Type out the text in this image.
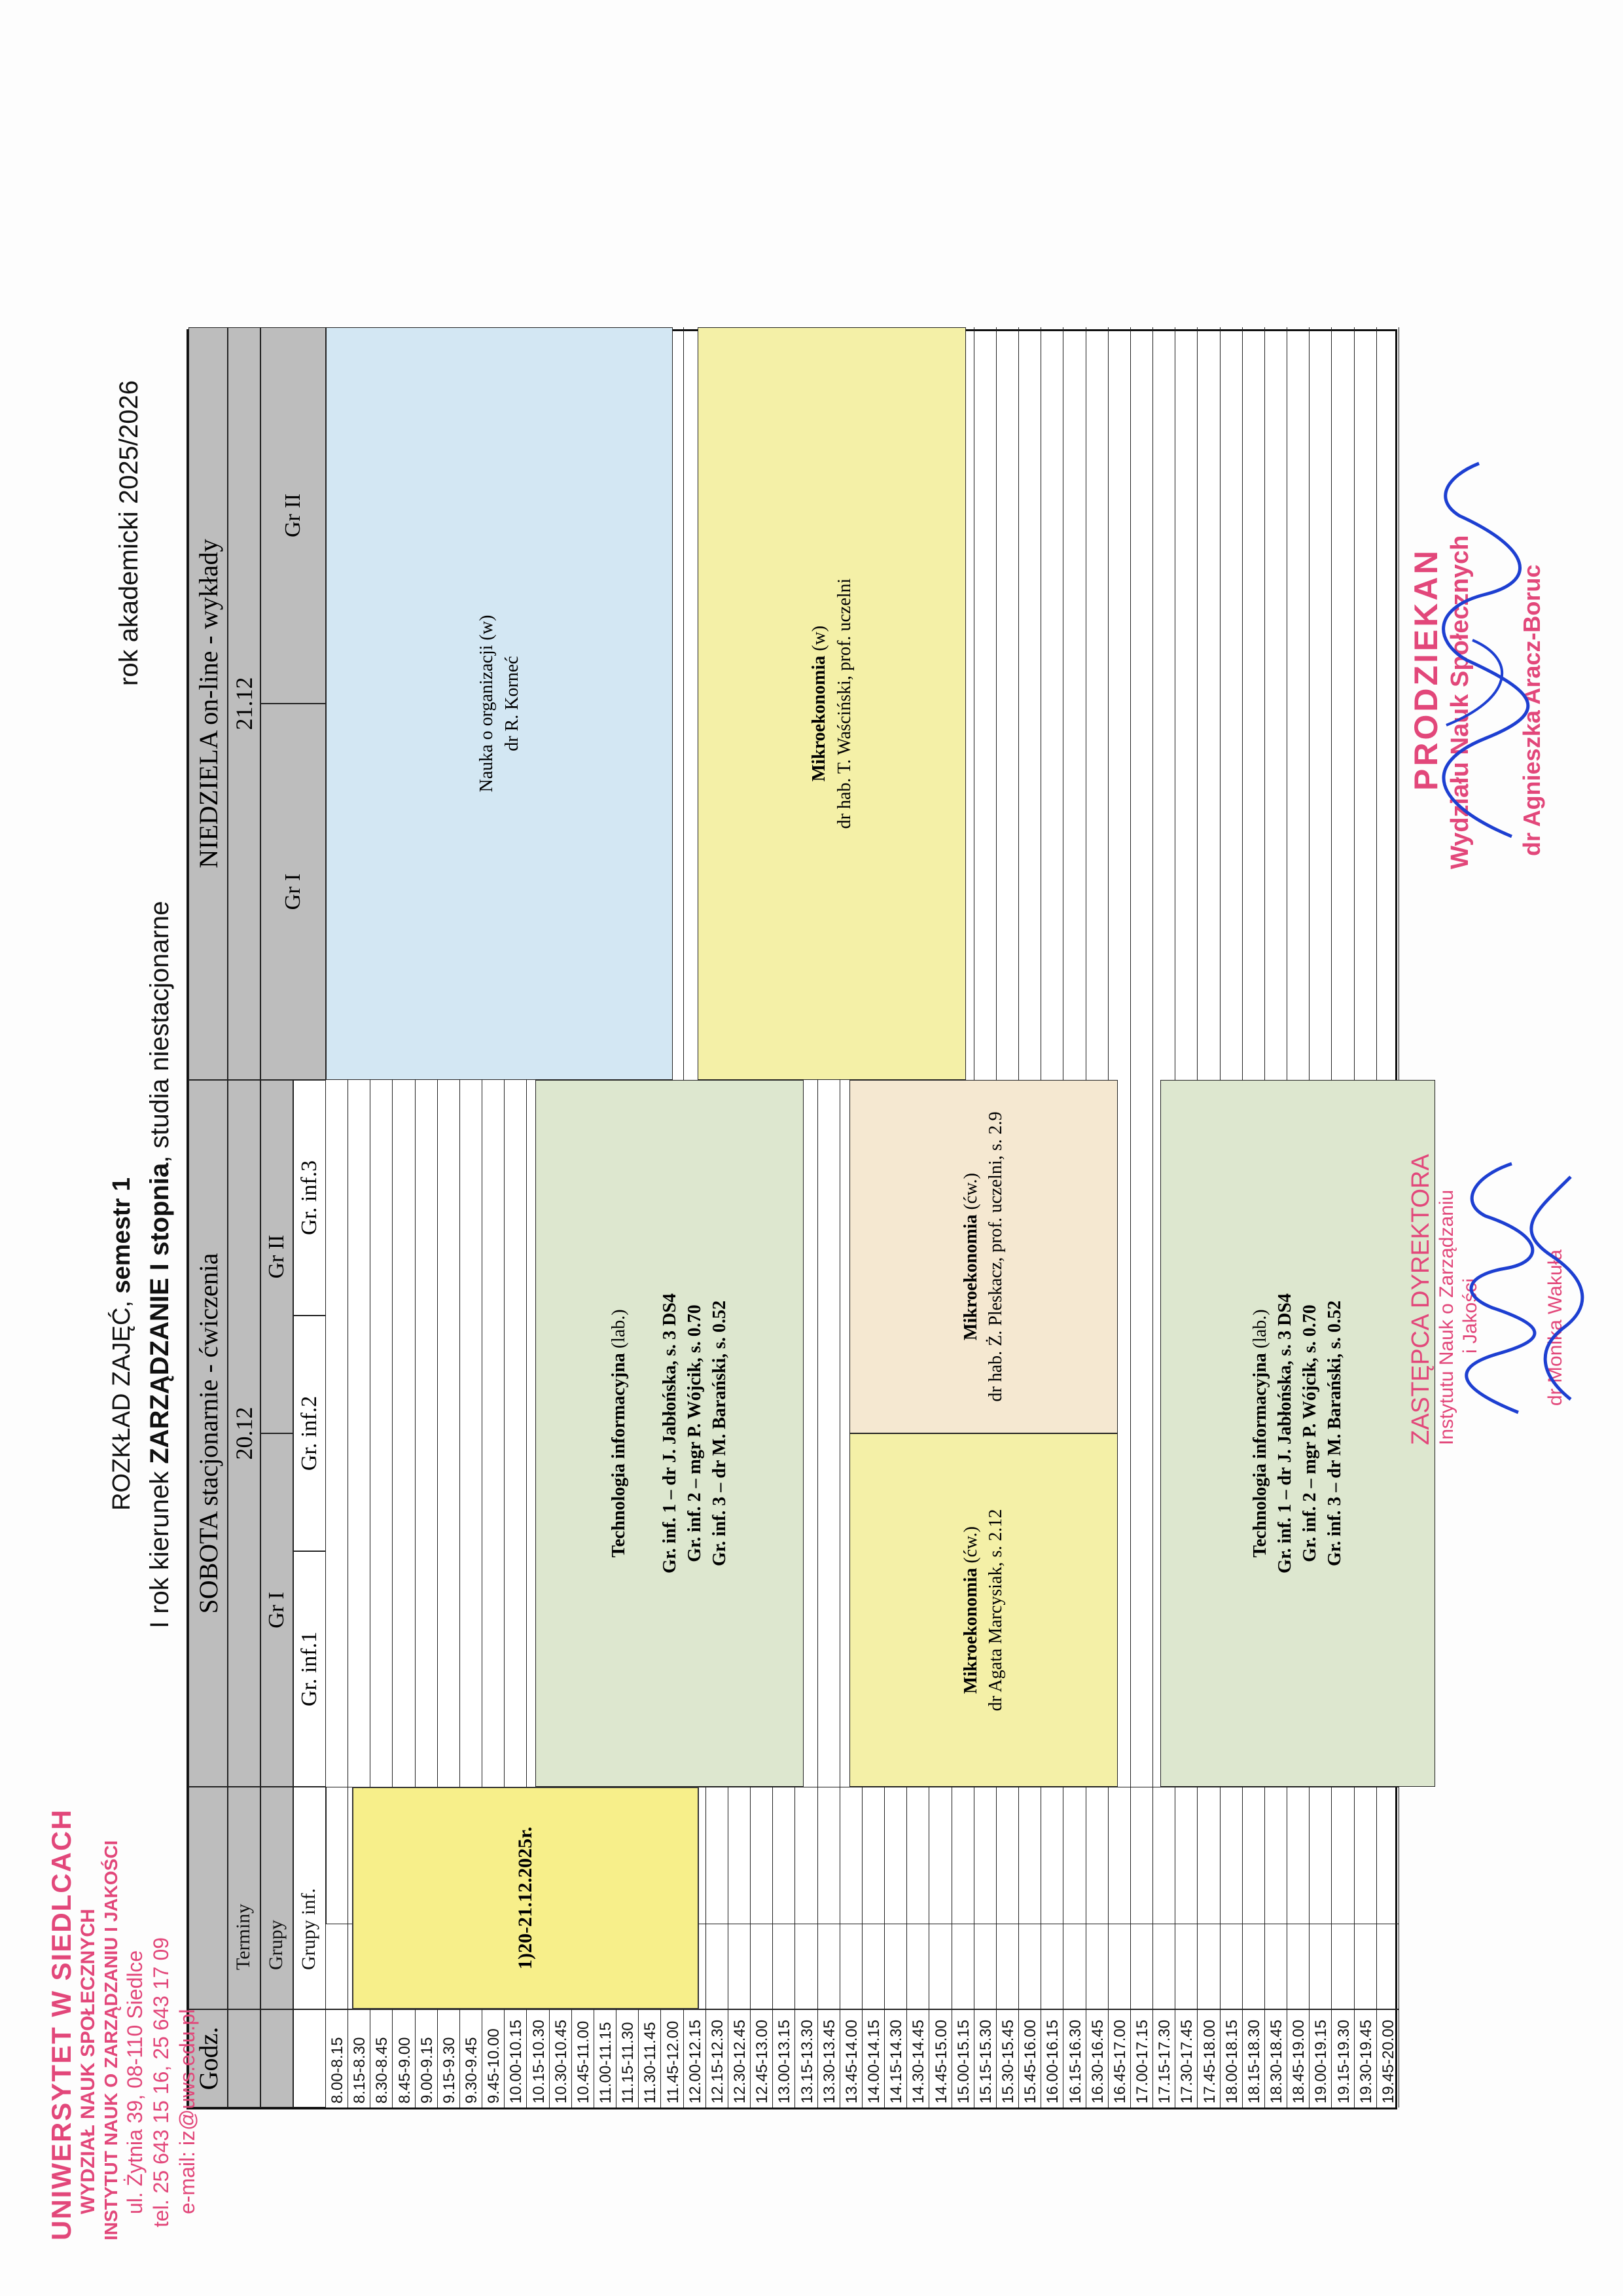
ROZKŁAD ZAJĘĆ, semestr 1
I rok kierunek ZARZĄDZANIE I stopnia, studia niestacjonarne
rok akademicki 2025/2026
Godz.
Terminy Grupy Grupy inf.
SOBOTA stacjonarnie - ćwiczenia 20.12
Gr I
Gr II
Gr. inf.1
Gr. inf.2
Gr. inf.3
NIEDZIELA on-line - wykłady 21.12
Gr I
Gr II
8.00-8.15 8.15-8.30 8.30-8.45 8.45-9.00 9.00-9.15 9.15-9.30 9.30-9.45 9.45-10.00 10.00-10.15 10.15-10.30 10.30-10.45 10.45-11.00 11.00-11.15 11.15-11.30 11.30-11.45 11.45-12.00 12.00-12.15 12.15-12.30 12.30-12.45 12.45-13.00 13.00-13.15 13.15-13.30 13.30-13.45 13.45-14.00 14.00-14.15 14.15-14.30 14.30-14.45 14.45-15.00 15.00-15.15 15.15-15.30 15.30-15.45 15.45-16.00 16.00-16.15 16.15-16.30 16.30-16.45 16.45-17.00 17.00-17.15 17.15-17.30 17.30-17.45 17.45-18.00 18.00-18.15 18.15-18.30 18.30-18.45 18.45-19.00 19.00-19.15 19.15-19.30 19.30-19.45 19.45-20.00
1)20-21.12.2025r.
Technologia informacyjna (lab.) Gr. inf. 1 – dr J. Jabłońska, s. 3 DS4 Gr. inf. 2 – mgr P. Wójcik, s. 0.70 Gr. inf. 3 – dr M. Barański, s. 0.52
Mikroekonomia (ćw.) dr Agata Marcysiak, s. 2.12
Mikroekonomia (ćw.) dr hab. Ż. Pleskacz, prof. uczelni, s. 2.9
Technologia informacyjna (lab.) Gr. inf. 1 – dr J. Jabłońska, s. 3 DS4 Gr. inf. 2 – mgr P. Wójcik, s. 0.70 Gr. inf. 3 – dr M. Barański, s. 0.52
Nauka o organizacji (w) dr R. Korneć	Mikroekonomia (w) dr hab. T. Waściński, prof. uczelni
UNIWERSYTET W SIEDLCACH WYDZIAŁ NAUK SPOŁECZNYCH INSTYTUT NAUK O ZARZĄDZANIU I JAKOŚCI ul. Żytnia 39, 08-110 Siedlce tel. 25 643 15 16, 25 643 17 09 e-mail: iz@uws.edu.pl
ZASTĘPCA DYREKTORA Instytutu Nauk o Zarządzaniu i Jakości	dr Monika Wakuła
PRODZIEKAN Wydziału Nauk Społecznych dr Agnieszka Aracz-Boruc
